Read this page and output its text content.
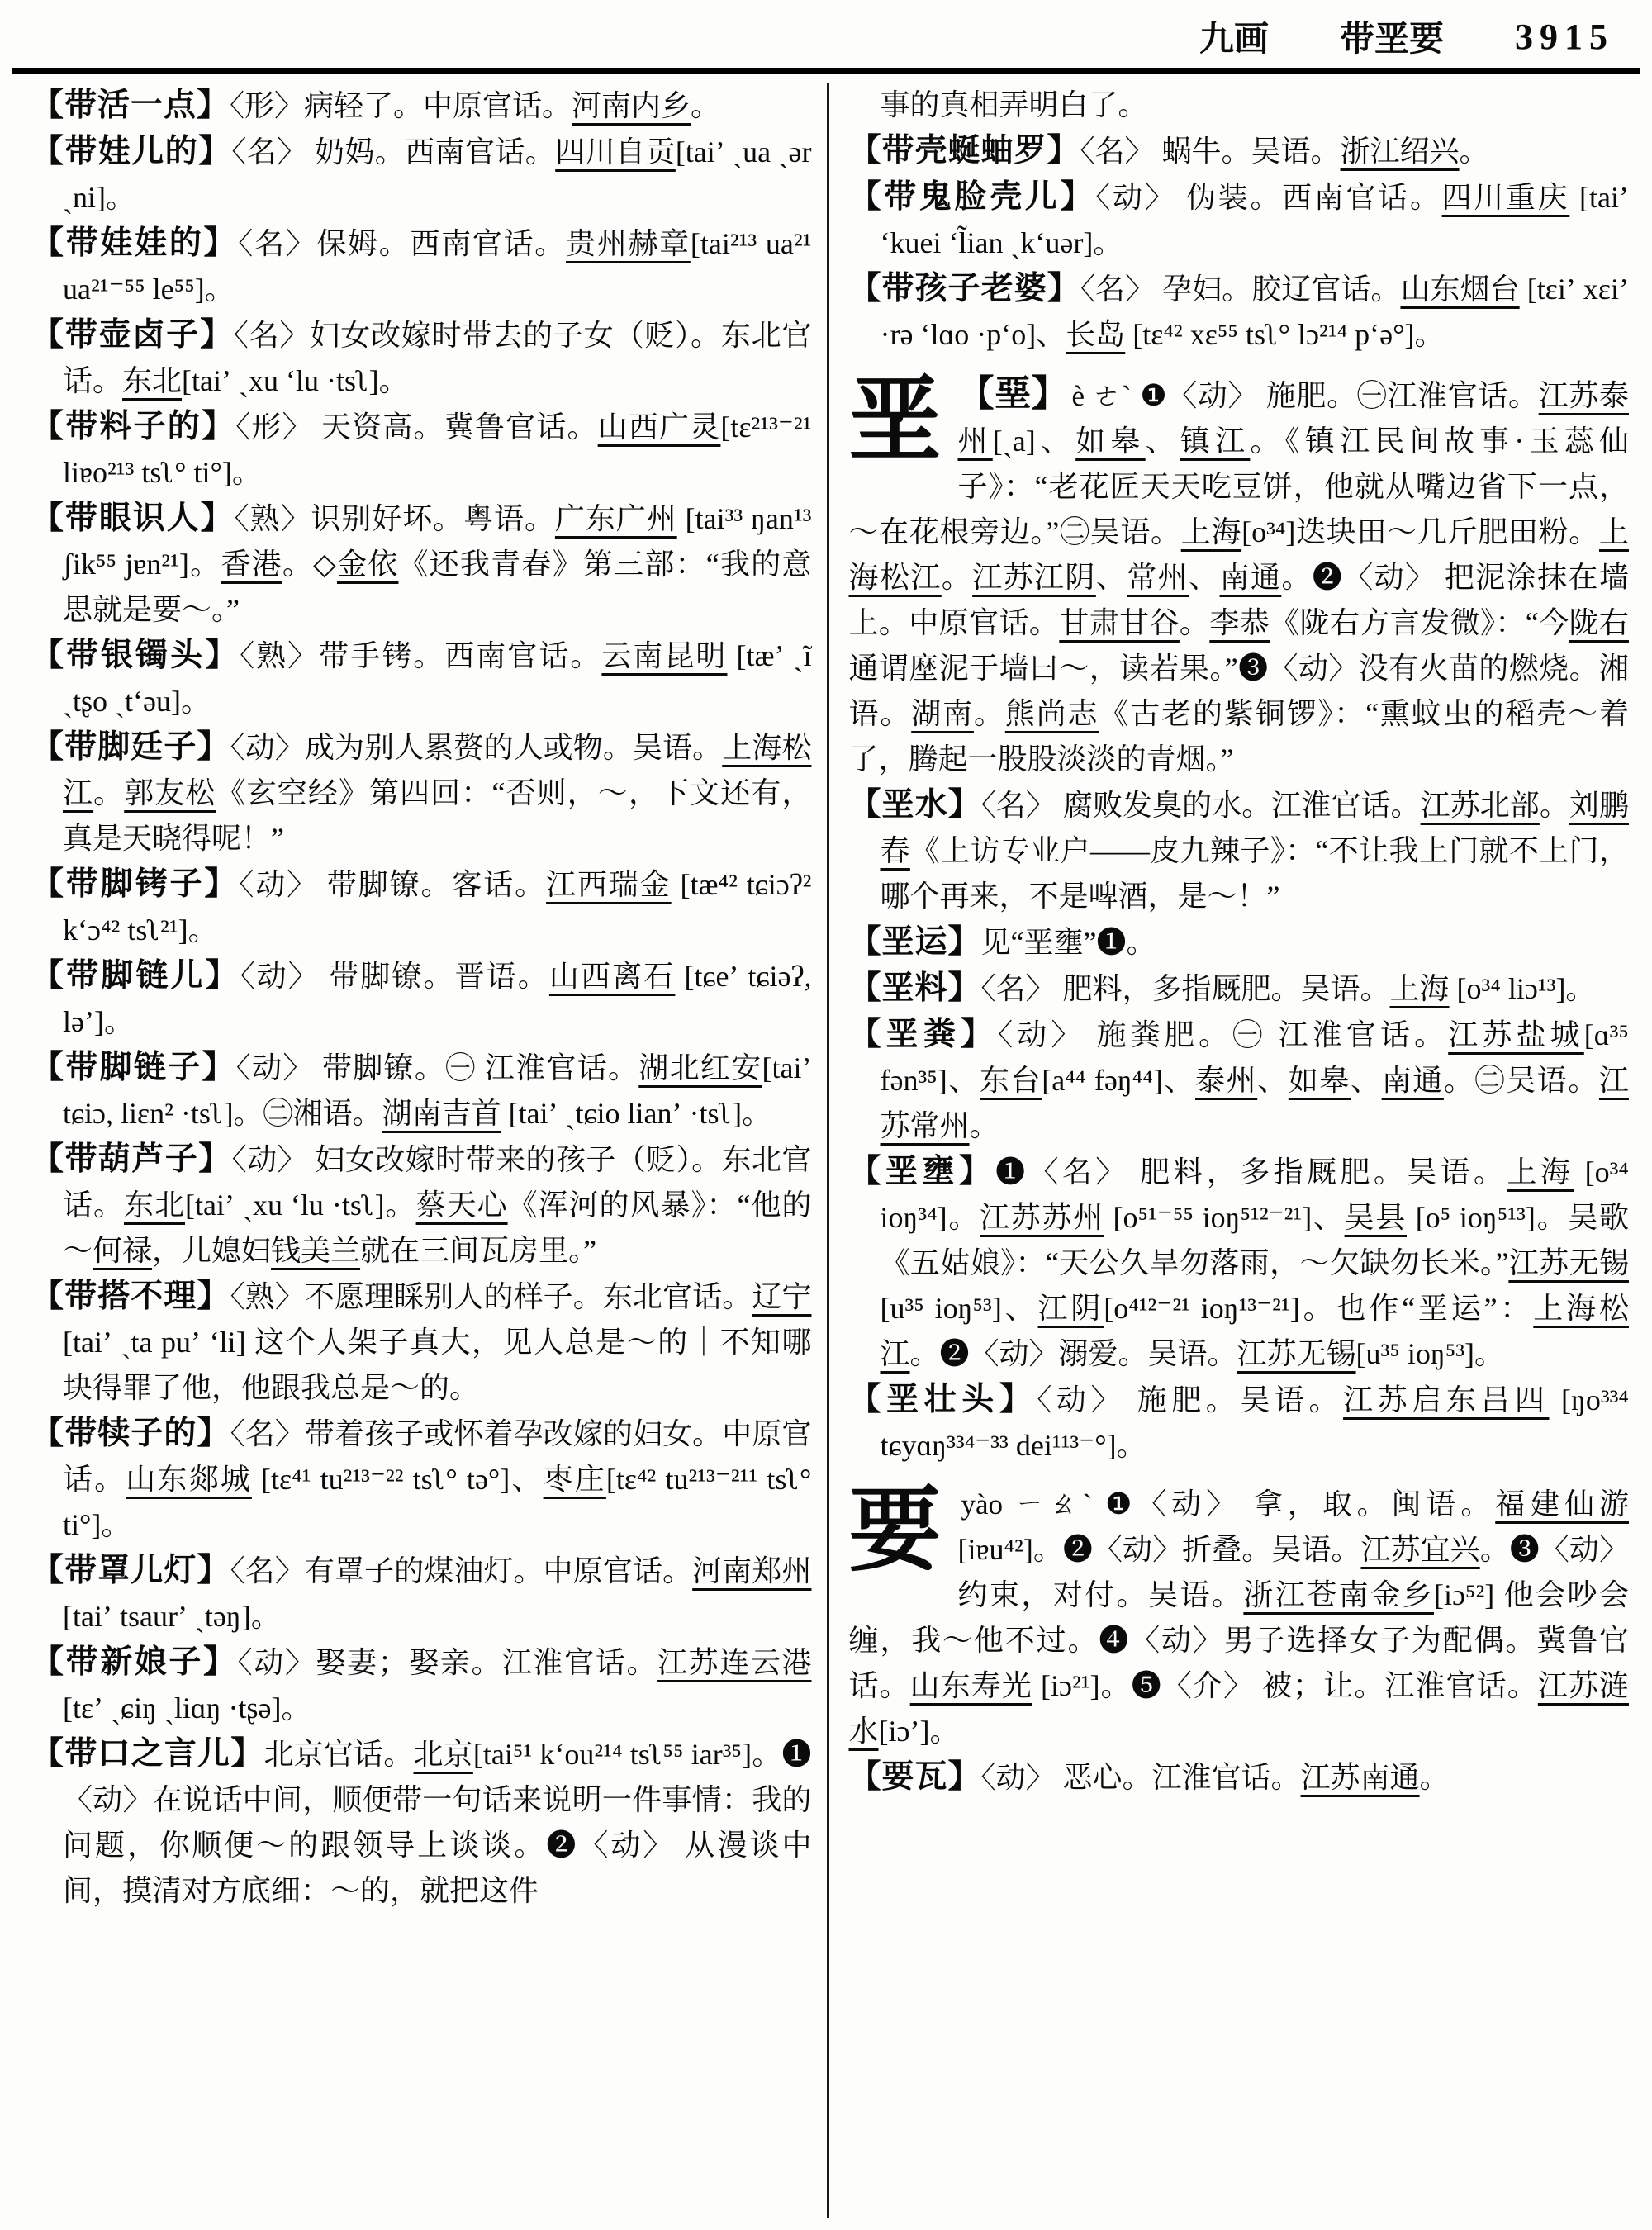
九画 带垩要 3915

【带活一点】〈形〉病轻了。中原官话。河南内乡。

【带娃儿的】〈名〉 奶妈。西南官话。四川自贡[taiʼ ˏua ˏər ˏni]。

【带娃娃的】〈名〉保姆。西南官话。贵州赫章[tai²¹³ ua²¹ ua²¹⁻⁵⁵ le⁵⁵]。

【带壶卤子】〈名〉妇女改嫁时带去的子女（贬）。东北官话。东北[taiʼ ˏxu ʻlu ·tsʅ]。

【带料子的】〈形〉 天资高。冀鲁官话。山西广灵[tɛ²¹³⁻²¹ liɐo²¹³ tsʅ° ti°]。

【带眼识人】〈熟〉识别好坏。粤语。广东广州 [tai³³ ŋan¹³ ʃik⁵⁵ jɐn²¹]。香港。◇金依《还我青春》第三部：“我的意思就是要～。”

【带银镯头】〈熟〉带手铐。西南官话。云南昆明 [tæʼ ˏĩ ˏtʂo ˏtʻəu]。

【带脚廷子】〈动〉成为别人累赘的人或物。吴语。上海松江。郭友松《玄空经》第四回：“否则，～，下文还有，真是天晓得呢！”

【带脚铐子】〈动〉 带脚镣。客话。江西瑞金 [tæ⁴² tɕiɔʔ² kʻɔ⁴² tsʅ²¹]。

【带脚链儿】〈动〉 带脚镣。晋语。山西离石 [tɕeʼ tɕiəʔ, ləʼ]。

【带脚链子】〈动〉 带脚镣。㊀ 江淮官话。湖北红安[taiʼ tɕiɔ, liɛn² ·tsʅ]。㊁湘语。湖南吉首 [taiʼ ˏtɕio lianʼ ·tsʅ]。

【带葫芦子】〈动〉 妇女改嫁时带来的孩子（贬）。东北官话。东北[taiʼ ˏxu ʻlu ·tsʅ]。蔡天心《浑河的风暴》：“他的～何禄，儿媳妇钱美兰就在三间瓦房里。”

【带搭不理】〈熟〉不愿理睬别人的样子。东北官话。辽宁[taiʼ ˏta puʼ ʻli] 这个人架子真大，见人总是～的｜不知哪块得罪了他，他跟我总是～的。

【带犊子的】〈名〉带着孩子或怀着孕改嫁的妇女。中原官话。山东郯城 [tɛ⁴¹ tu²¹³⁻²² tsʅ° tə°]、枣庄[tɛ⁴² tu²¹³⁻²¹¹ tsʅ° ti°]。

【带罩儿灯】〈名〉有罩子的煤油灯。中原官话。河南郑州[taiʼ tsaurʼ ˏtəŋ]。

【带新娘子】〈动〉娶妻；娶亲。江淮官话。江苏连云港[tɛʼ ˏɕiŋ ˏliɑŋ ·tʂə]。

【带口之言儿】北京官话。北京[tai⁵¹ kʻou²¹⁴ tsʅ⁵⁵ iar³⁵]。❶〈动〉在说话中间，顺便带一句话来说明一件事情：我的问题，你顺便～的跟领导上谈谈。❷〈动〉 从漫谈中间，摸清对方底细：～的，就把这件

事的真相弄明白了。

【带壳蜒蚰罗】〈名〉 蜗牛。吴语。浙江绍兴。

【带鬼脸壳儿】〈动〉 伪装。西南官话。四川重庆 [taiʼ ʻkuei ʻl̃ian ˏkʻuər]。

【带孩子老婆】〈名〉 孕妇。胶辽官话。山东烟台 [tɛiʼ xɛiʼ ·rə ʻlɑo ·pʻo]、长岛 [tɛ⁴² xɛ⁵⁵ tsʅ° lɔ²¹⁴ pʻə°]。

垩 【堊】 è ㄜˋ ❶〈动〉 施肥。㊀江淮官话。江苏泰州[ˏa]、如皋、镇江。《镇江民间故事·玉蕊仙子》：“老花匠天天吃豆饼，他就从嘴边省下一点，～在花根旁边。”㊁吴语。上海[o³⁴]迭块田～几斤肥田粉。上海松江。江苏江阴、常州、南通。❷〈动〉 把泥涂抹在墙上。中原官话。甘肃甘谷。李恭《陇右方言发微》：“今陇右通谓塺泥于墙曰～，读若果。”❸〈动〉没有火苗的燃烧。湘语。湖南。熊尚志《古老的紫铜锣》：“熏蚊虫的稻壳～着了，腾起一股股淡淡的青烟。”

【垩水】〈名〉 腐败发臭的水。江淮官话。江苏北部。刘鹏春《上访专业户——皮九辣子》：“不让我上门就不上门，哪个再来，不是啤酒，是～！”

【垩运】见“垩壅”❶。

【垩料】〈名〉 肥料，多指厩肥。吴语。上海 [o³⁴ liɔ¹³]。

【垩粪】〈动〉 施粪肥。㊀ 江淮官话。江苏盐城[ɑ³⁵ fən³⁵]、东台[a⁴⁴ fəŋ⁴⁴]、泰州、如皋、南通。㊁吴语。江苏常州。

【垩壅】❶〈名〉 肥料，多指厩肥。吴语。上海 [o³⁴ ioŋ³⁴]。江苏苏州 [o⁵¹⁻⁵⁵ ioŋ⁵¹²⁻²¹]、吴县 [o⁵ ioŋ⁵¹³]。吴歌《五姑娘》：“天公久旱勿落雨，～欠缺勿长米。”江苏无锡[u³⁵ ioŋ⁵³]、江阴[o⁴¹²⁻²¹ ioŋ¹³⁻²¹]。也作“垩运”：上海松江。❷〈动〉溺爱。吴语。江苏无锡[u³⁵ ioŋ⁵³]。

【垩壮头】〈动〉 施肥。吴语。江苏启东吕四 [ŋo³³⁴ tɕyɑŋ³³⁴⁻³³ dei¹¹³⁻°]。

要yào ㄧㄠˋ ❶〈动〉 拿，取。闽语。福建仙游[iɐu⁴²]。❷〈动〉折叠。吴语。江苏宜兴。❸〈动〉约束，对付。吴语。浙江苍南金乡[iɔ⁵²] 他会吵会缠，我～他不过。❹〈动〉男子选择女子为配偶。冀鲁官话。山东寿光 [iɔ²¹]。❺〈介〉 被；让。江淮官话。江苏涟水[iɔʼ]。

【要瓦】〈动〉 恶心。江淮官话。江苏南通。
